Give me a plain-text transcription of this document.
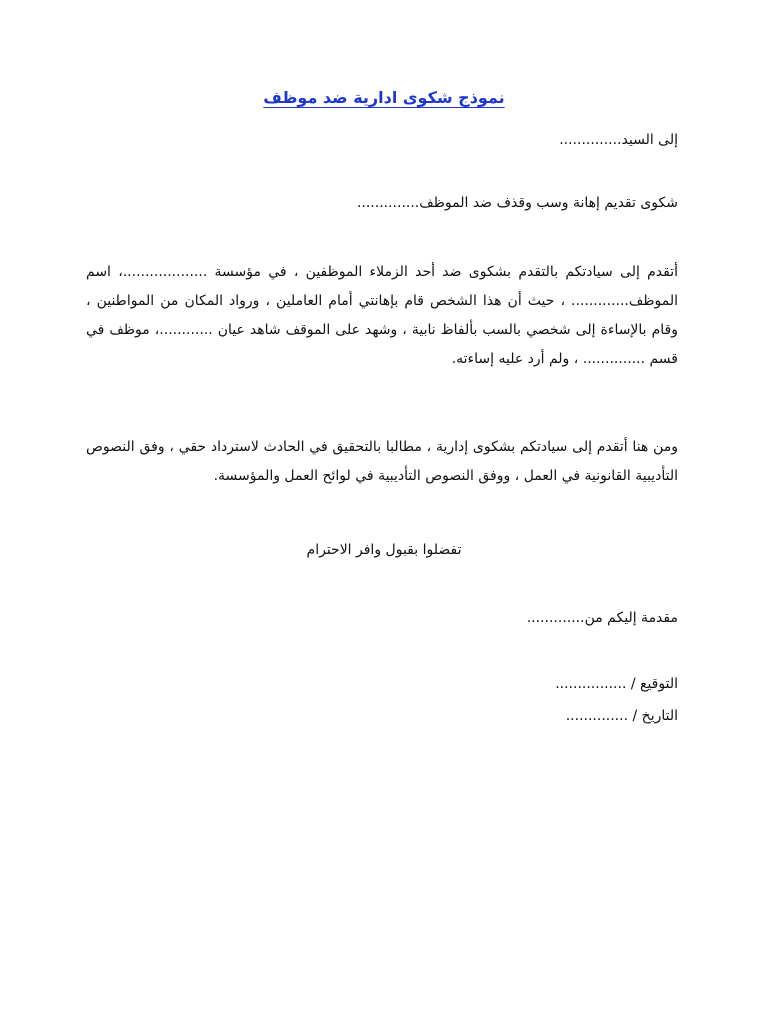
نموذج شكوى ادارية ضد موظف

إلى السيد..............

شكوى تقديم إهانة وسب وقذف ضد الموظف..............

أتقدم إلى سيادتكم بالتقدم بشكوى ضد أحد الزملاء الموظفين ، في مؤسسة ...................، اسم الموظف............. ، حيث أن هذا الشخص قام بإهانتي أمام العاملين ، ورواد المكان من المواطنين ، وقام بالإساءة إلى شخصي بالسب بألفاظ نابية ، وشهد على الموقف شاهد عيان ............، موظف في قسم .............. ، ولم أرد عليه إساءته.

ومن هنا أتقدم إلى سيادتكم بشكوى إدارية ، مطالبا بالتحقيق في الحادث لاسترداد حقي ، وفق النصوص التأديبية القانونية في العمل ، ووفق النصوص التأديبية في لوائح العمل والمؤسسة.

تفضلوا بقبول وافر الاحترام

مقدمة إليكم من.............

التوقيع / ................

التاريخ / ..............
